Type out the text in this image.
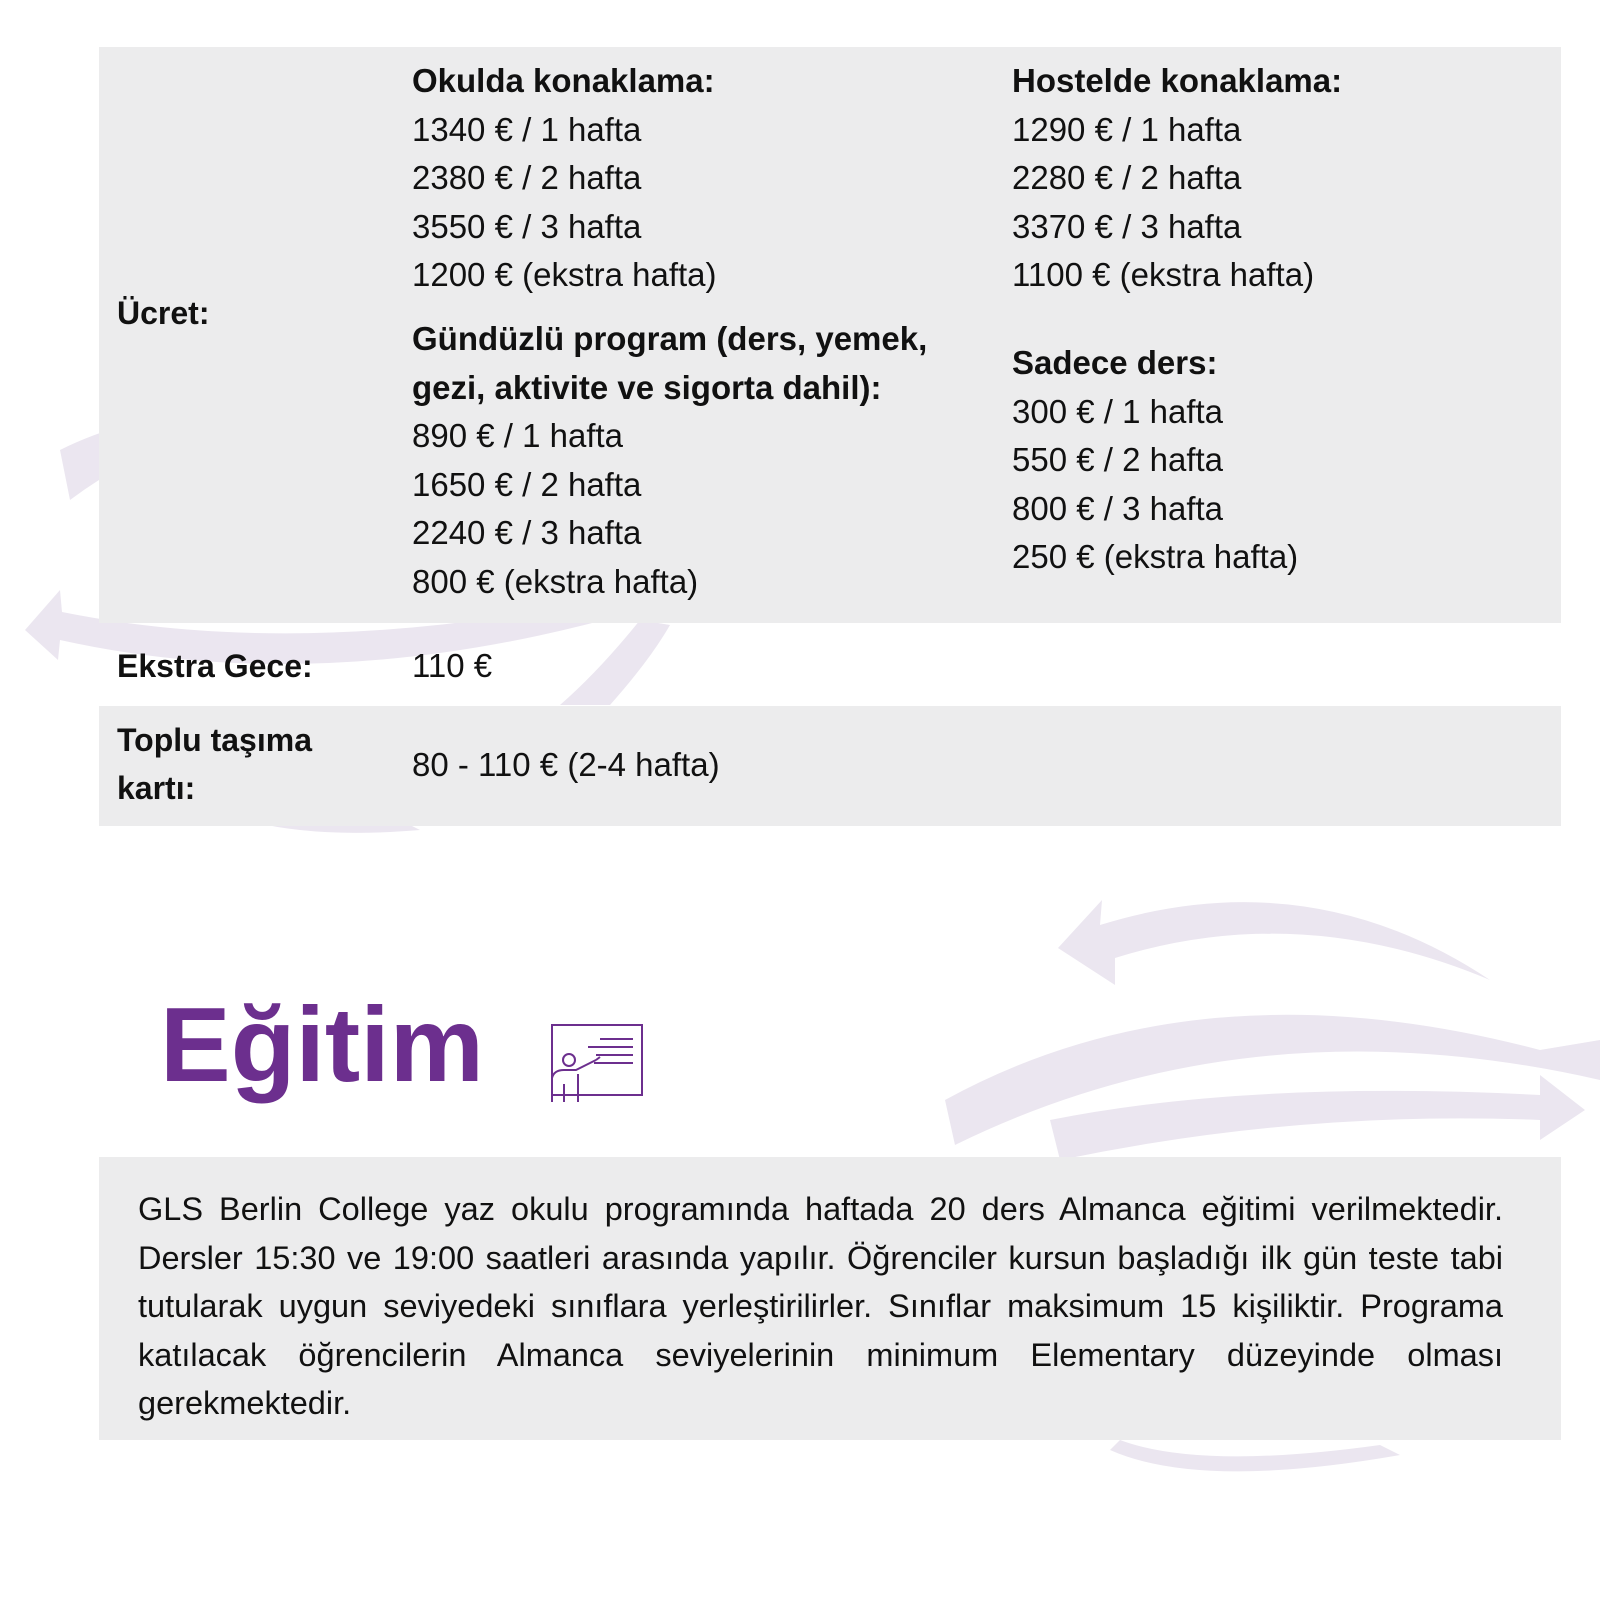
Ücret:
Okulda konaklama:
1340 € / 1 hafta
2380 € / 2 hafta
3550 € / 3 hafta
1200 € (ekstra hafta)
Hostelde konaklama:
1290 € / 1 hafta
2280 € / 2 hafta
3370 € / 3 hafta
1100 € (ekstra hafta)
Gündüzlü program (ders, yemek,
gezi, aktivite ve sigorta dahil):
890 € / 1 hafta
1650 € / 2 hafta
2240 € / 3 hafta
800 € (ekstra hafta)
Sadece ders:
300 € / 1 hafta
550 € / 2 hafta
800 € / 3 hafta
250 € (ekstra hafta)
Ekstra Gece:	110 €
Toplu taşıma
kartı:
80 - 110 € (2-4 hafta)
Eğitim
GLS Berlin College yaz okulu programında haftada 20 ders Almanca eğitimi verilmektedir. Dersler 15:30 ve 19:00 saatleri arasında yapılır. Öğrenciler kursun başladığı ilk gün teste tabi tutularak uygun seviyedeki sınıflara yerleştirilirler. Sınıflar maksimum 15 kişiliktir. Programa katılacak öğrencilerin Almanca seviyelerinin minimum Elementary düzeyinde olması gerekmektedir.
